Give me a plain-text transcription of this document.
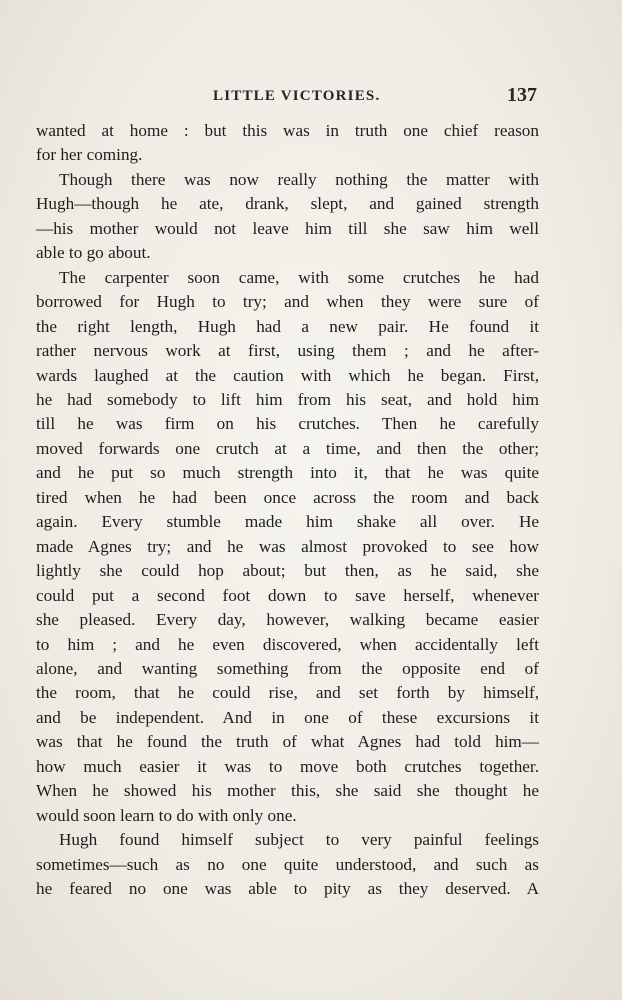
LITTLE VICTORIES.	137

wanted at home : but this was in truth one chief reason
for her coming.

Though there was now really nothing the matter with
Hugh—though he ate, drank, slept, and gained strength
—his mother would not leave him till she saw him well
able to go about.

The carpenter soon came, with some crutches he had
borrowed for Hugh to try; and when they were sure of
the right length, Hugh had a new pair. He found it
rather nervous work at first, using them ; and he after-
wards laughed at the caution with which he began. First,
he had somebody to lift him from his seat, and hold him
till he was firm on his crutches. Then he carefully
moved forwards one crutch at a time, and then the other;
and he put so much strength into it, that he was quite
tired when he had been once across the room and back
again. Every stumble made him shake all over. He
made Agnes try; and he was almost provoked to see how
lightly she could hop about; but then, as he said, she
could put a second foot down to save herself, whenever
she pleased. Every day, however, walking became easier
to him ; and he even discovered, when accidentally left
alone, and wanting something from the opposite end of
the room, that he could rise, and set forth by himself,
and be independent. And in one of these excursions it
was that he found the truth of what Agnes had told him—
how much easier it was to move both crutches together.
When he showed his mother this, she said she thought he
would soon learn to do with only one.

Hugh found himself subject to very painful feelings
sometimes—such as no one quite understood, and such as
he feared no one was able to pity as they deserved. A
